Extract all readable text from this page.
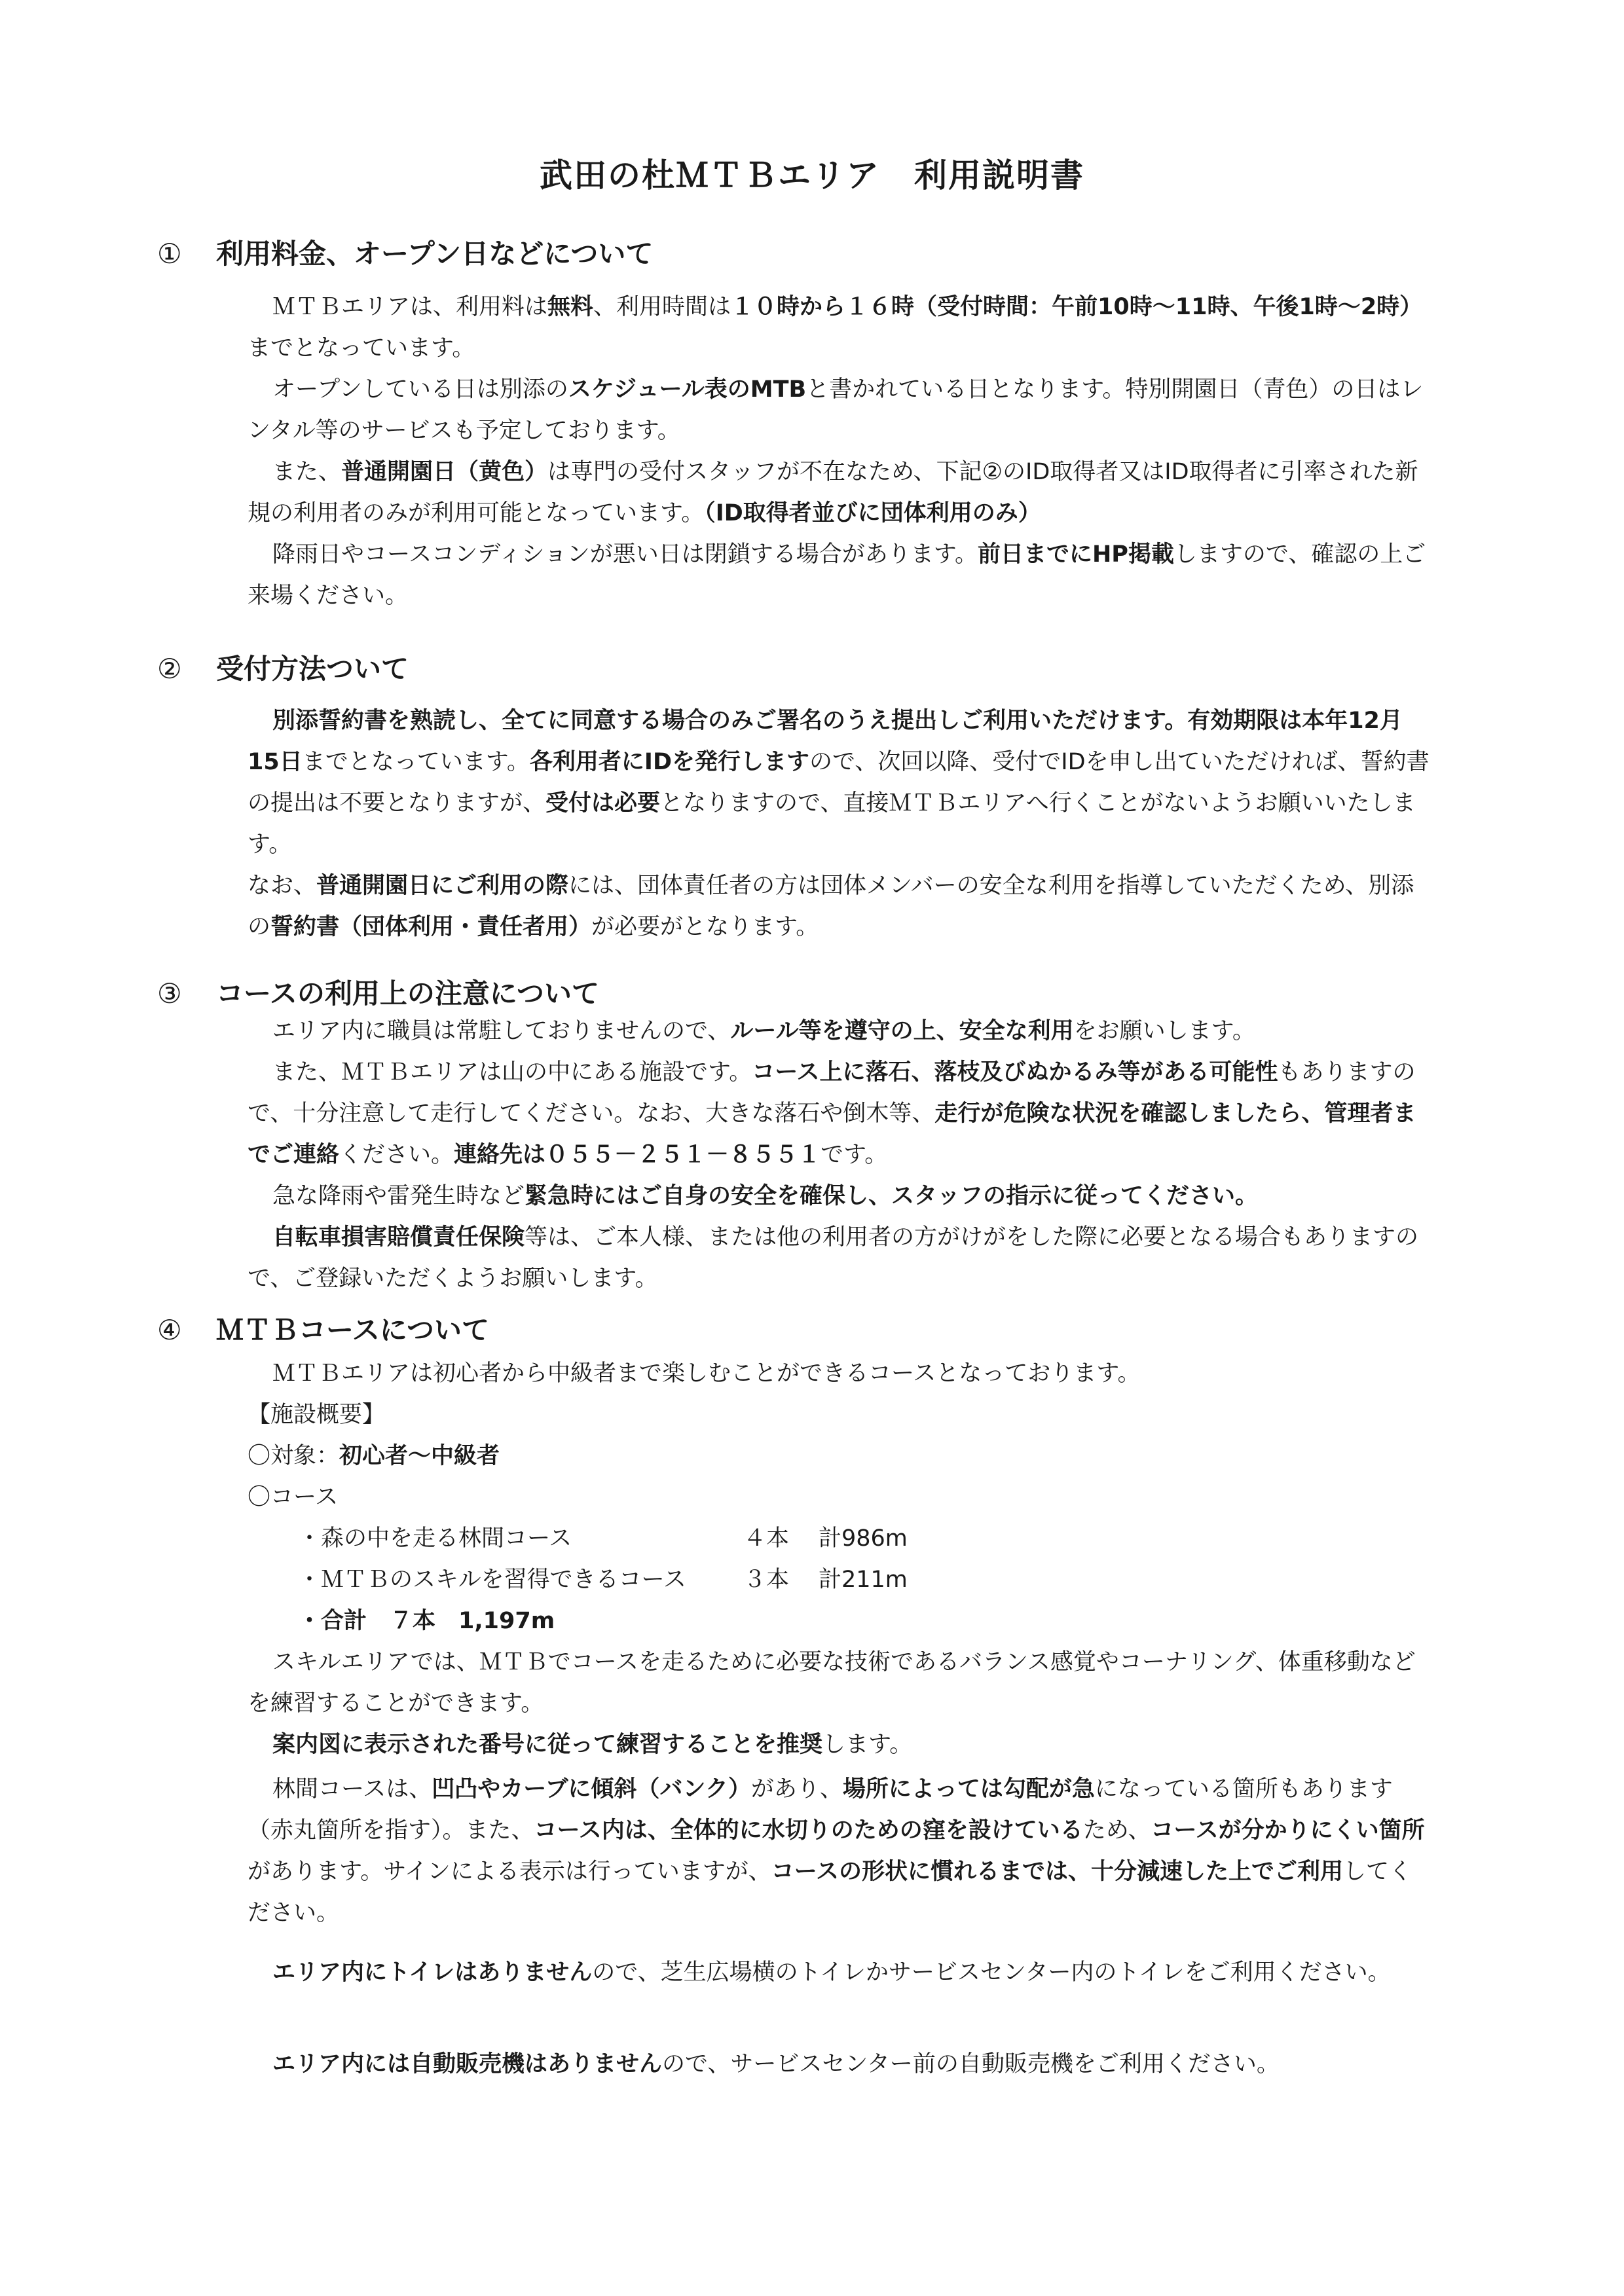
武田の杜ＭＴＢエリア　利用説明書
① 利用料金、オープン日などについて

ＭＴＢエリアは、利用料は無料、利用時間は１０時から１６時（受付時間：午前10時～11時、午後1時～2時）までとなっています。

オープンしている日は別添のスケジュール表のMTBと書かれている日となります。特別開園日（青色）の日はレンタル等のサービスも予定しております。

また、普通開園日（黄色）は専門の受付スタッフが不在なため、下記②のID取得者又はID取得者に引率された新規の利用者のみが利用可能となっています。（ID取得者並びに団体利用のみ）

降雨日やコースコンディションが悪い日は閉鎖する場合があります。前日までにHP掲載しますので、確認の上ご来場ください。

② 受付方法ついて

別添誓約書を熟読し、全てに同意する場合のみご署名のうえ提出しご利用いただけます。有効期限は本年12月15日までとなっています。各利用者にIDを発行しますので、次回以降、受付でIDを申し出ていただければ、誓約書の提出は不要となりますが、受付は必要となりますので、直接ＭＴＢエリアへ行くことがないようお願いいたします。

なお、普通開園日にご利用の際には、団体責任者の方は団体メンバーの安全な利用を指導していただくため、別添の誓約書（団体利用・責任者用）が必要がとなります。

③ コースの利用上の注意について

エリア内に職員は常駐しておりませんので、ルール等を遵守の上、安全な利用をお願いします。

また、ＭＴＢエリアは山の中にある施設です。コース上に落石、落枝及びぬかるみ等がある可能性もありますので、十分注意して走行してください。なお、大きな落石や倒木等、走行が危険な状況を確認しましたら、管理者までご連絡ください。連絡先は０５５－２５１－８５５１です。

急な降雨や雷発生時など緊急時にはご自身の安全を確保し、スタッフの指示に従ってください。

自転車損害賠償責任保険等は、ご本人様、または他の利用者の方がけがをした際に必要となる場合もありますので、ご登録いただくようお願いします。

④ ＭＴＢコースについて

ＭＴＢエリアは初心者から中級者まで楽しむことができるコースとなっております。

【施設概要】

〇対象：初心者～中級者

〇コース

・森の中を走る林間コース	４本 計986m

・ＭＴＢのスキルを習得できるコース ３本 計211m

・合計　７本　1,197m

スキルエリアでは、ＭＴＢでコースを走るために必要な技術であるバランス感覚やコーナリング、体重移動などを練習することができます。

案内図に表示された番号に従って練習することを推奨します。

林間コースは、凹凸やカーブに傾斜（バンク）があり、場所によっては勾配が急になっている箇所もあります（赤丸箇所を指す）。また、コース内は、全体的に水切りのための窪を設けているため、コースが分かりにくい箇所があります。サインによる表示は行っていますが、コースの形状に慣れるまでは、十分減速した上でご利用してください。

エリア内にトイレはありませんので、芝生広場横のトイレかサービスセンター内のトイレをご利用ください。

エリア内には自動販売機はありませんので、サービスセンター前の自動販売機をご利用ください。
